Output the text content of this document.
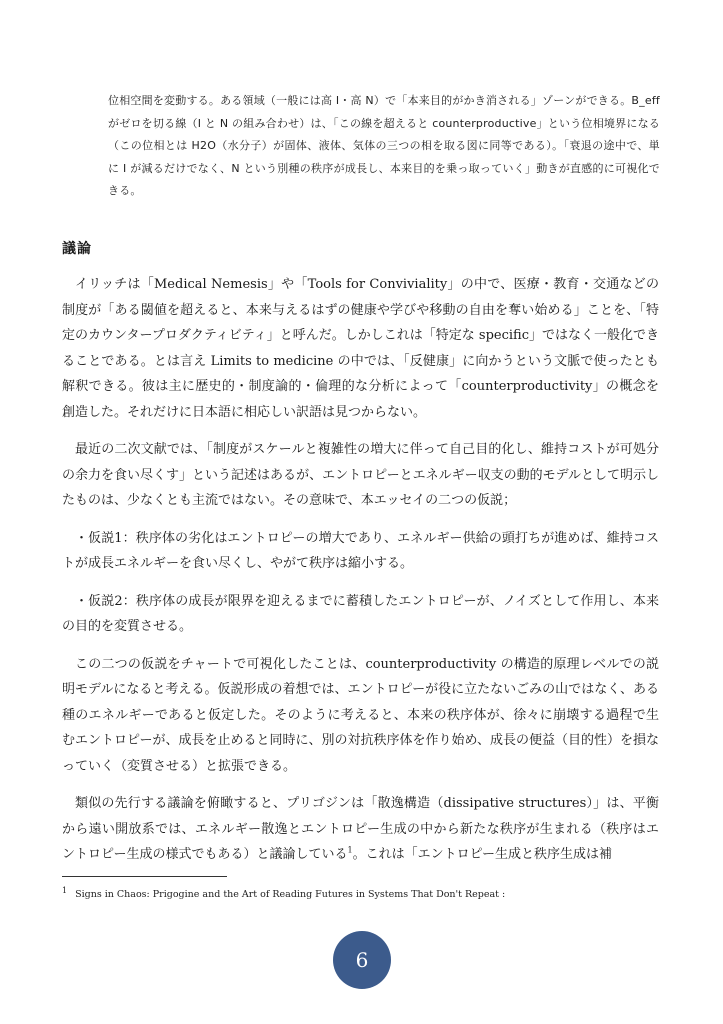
位相空間を変動する。ある領域（一般には高 I・高 N）で「本来目的がかき消される」ゾーンができる。B_eff がゼロを切る線（I と N の組み合わせ）は、「この線を超えると counterproductive」という位相境界になる（この位相とは H2O（水分子）が固体、液体、気体の三つの相を取る図に同等である）。「衰退の途中で、単に I が減るだけでなく、N という別種の秩序が成長し、本来目的を乗っ取っていく」動きが直感的に可視化できる。

議論

イリッチは「Medical Nemesis」や「Tools for Conviviality」の中で、医療・教育・交通などの制度が「ある閾値を超えると、本来与えるはずの健康や学びや移動の自由を奪い始める」ことを、「特定のカウンタープロダクティビティ」と呼んだ。しかしこれは「特定な specific」ではなく一般化できることである。とは言え Limits to medicine の中では、「反健康」に向かうという文脈で使ったとも解釈できる。彼は主に歴史的・制度論的・倫理的な分析によって「counterproductivity」の概念を創造した。それだけに日本語に相応しい訳語は見つからない。

最近の二次文献では、「制度がスケールと複雑性の増大に伴って自己目的化し、維持コストが可処分の余力を食い尽くす」という記述はあるが、エントロピーとエネルギー収支の動的モデルとして明示したものは、少なくとも主流ではない。その意味で、本エッセイの二つの仮説；

・仮説1：秩序体の劣化はエントロピーの増大であり、エネルギー供給の頭打ちが進めば、維持コストが成長エネルギーを食い尽くし、やがて秩序は縮小する。

・仮説2：秩序体の成長が限界を迎えるまでに蓄積したエントロピーが、ノイズとして作用し、本来の目的を変質させる。

この二つの仮説をチャートで可視化したことは、counterproductivity の構造的原理レベルでの説明モデルになると考える。仮説形成の着想では、エントロピーが役に立たないごみの山ではなく、ある種のエネルギーであると仮定した。そのように考えると、本来の秩序体が、徐々に崩壊する過程で生むエントロピーが、成長を止めると同時に、別の対抗秩序体を作り始め、成長の便益（目的性）を損なっていく（変質させる）と拡張できる。

類似の先行する議論を俯瞰すると、プリゴジンは「散逸構造（dissipative structures）」は、平衡から遠い開放系では、エネルギー散逸とエントロピー生成の中から新たな秩序が生まれる（秩序はエントロピー生成の様式でもある）と議論している$^1$。これは「エントロピー生成と秩序生成は補

$^1$ Signs in Chaos: Prigogine and the Art of Reading Futures in Systems That Don't Repeat :
6
